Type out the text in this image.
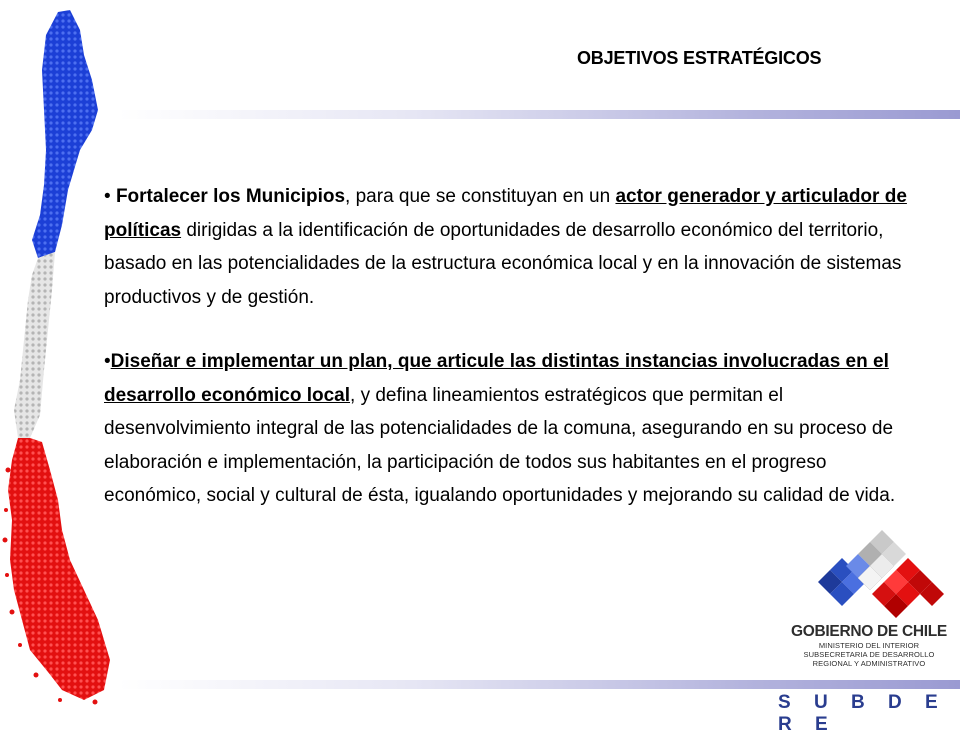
OBJETIVOS ESTRATÉGICOS

• Fortalecer los Municipios, para que se constituyan en un actor generador y articulador de políticas dirigidas a la identificación de oportunidades de desarrollo económico del territorio, basado en las potencialidades de la estructura económica local y en la innovación de sistemas productivos y de gestión.

•Diseñar e implementar un plan, que articule las distintas instancias involucradas en el desarrollo económico local, y defina lineamientos estratégicos que permitan el desenvolvimiento integral de las potencialidades de la comuna, asegurando en su proceso de elaboración e implementación, la participación de todos sus habitantes en el progreso económico, social y cultural de ésta, igualando oportunidades y mejorando su calidad de vida.

GOBIERNO DE CHILE
MINISTERIO DEL INTERIOR
SUBSECRETARIA DE DESARROLLO
REGIONAL Y ADMINISTRATIVO
S U B D E R E
